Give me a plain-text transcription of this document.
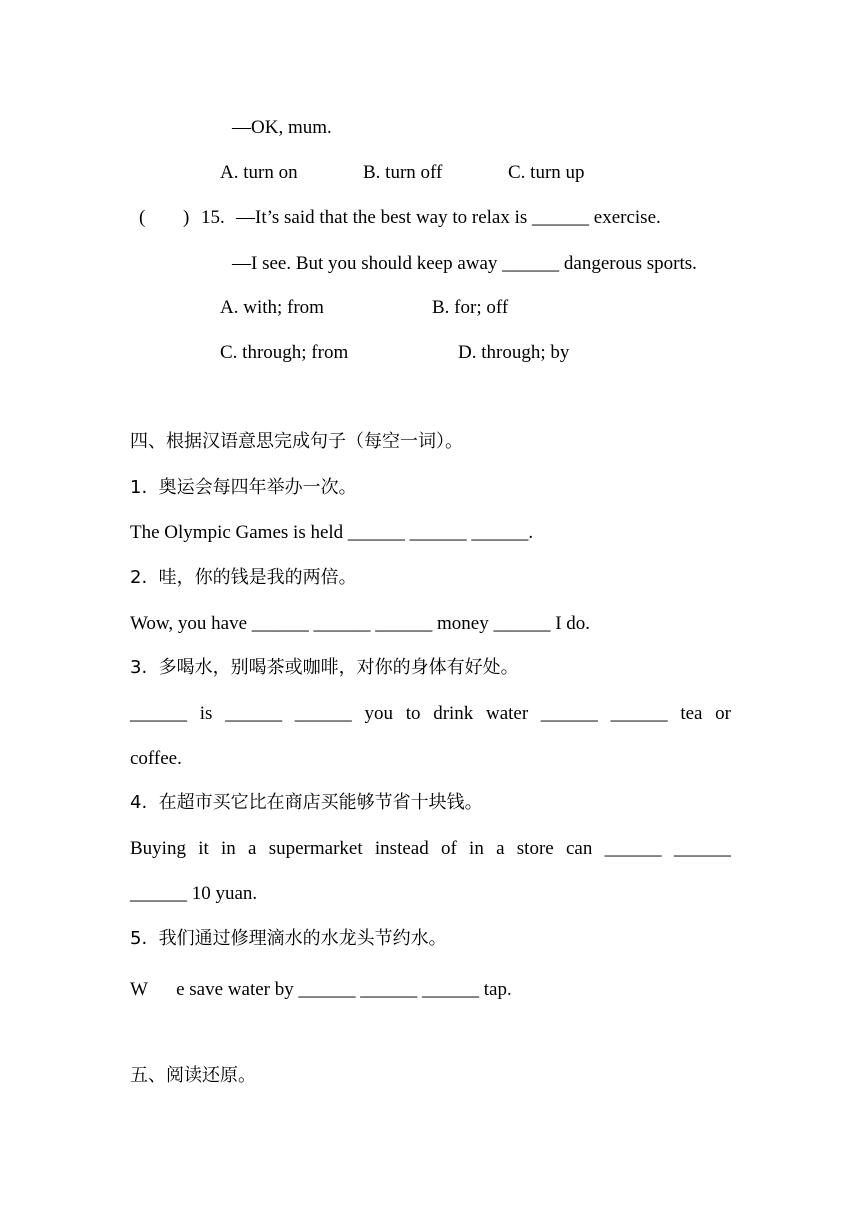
—OK, mum.
A. turn on	B. turn off	C. turn up
( ) 15. —It’s said that the best way to relax is ______ exercise.
—I see. But you should keep away ______ dangerous sports.
A. with; from	B. for; off
C. through; from	D. through; by
四、根据汉语意思完成句子（每空一词）。
1.  奥运会每四年举办一次。
The Olympic Games is held ______ ______ ______.
2.  哇，你的钱是我的两倍。
Wow, you have ______ ______ ______ money ______ I do.
3.  多喝水，别喝茶或咖啡，对你的身体有好处。
______ is ______ ______ you to drink water ______ ______ tea or
coffee.
4.  在超市买它比在商店买能够节省十块钱。
Buying it in a supermarket instead of in a store can ______ ______
______ 10 yuan.
5.  我们通过修理滴水的水龙头节约水。
W      e save water by ______ ______ ______ tap.
五、阅读还原。
